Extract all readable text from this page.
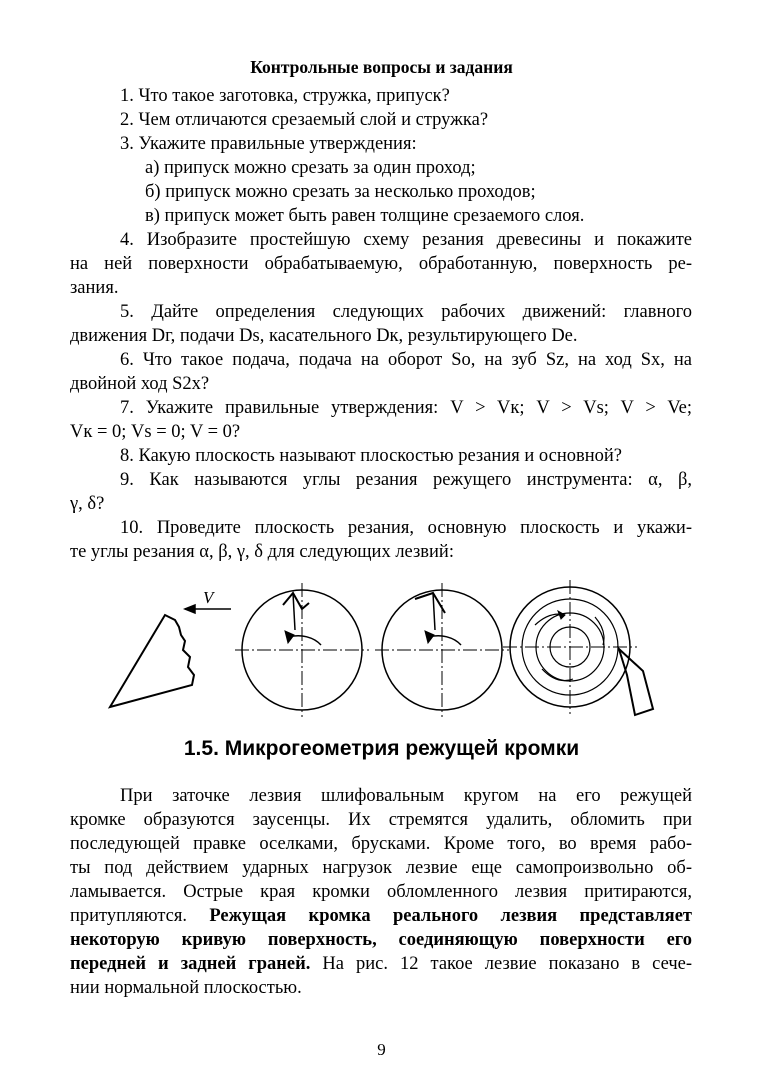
Контрольные вопросы и задания
1. Что такое заготовка, стружка, припуск?
2. Чем отличаются срезаемый слой и стружка?
3. Укажите правильные утверждения:
а) припуск можно срезать за один проход;
б) припуск можно срезать за несколько проходов;
в) припуск может быть равен толщине срезаемого слоя.
4. Изобразите простейшую схему резания древесины и покажите
на ней поверхности обрабатываемую, обработанную, поверхность ре-
зания.
5. Дайте определения следующих рабочих движений: главного
движения Dг, подачи Ds, касательного Dк, результирующего De.
6. Что такое подача, подача на оборот Sо, на зуб Sz, на ход Sx, на
двойной ход S2x?
7. Укажите правильные утверждения: V > Vк; V > Vs; V > Ve;
Vк = 0; Vs = 0; V = 0?
8. Какую плоскость называют плоскостью резания и основной?
9. Как называются углы резания режущего инструмента: α, β,
γ, δ?
10. Проведите плоскость резания, основную плоскость и укажи-
те углы резания α, β, γ, δ для следующих лезвий:
V
1.5. Микрогеометрия режущей кромки
При заточке лезвия шлифовальным кругом на его режущей
кромке образуются заусенцы. Их стремятся удалить, обломить при
последующей правке оселками, брусками. Кроме того, во время рабо-
ты под действием ударных нагрузок лезвие еще самопроизвольно об-
ламывается. Острые края кромки обломленного лезвия притираются,
притупляются. Режущая кромка реального лезвия представляет
некоторую кривую поверхность, соединяющую поверхности его
передней и задней граней. На рис. 12 такое лезвие показано в сече-
нии нормальной плоскостью.
9
